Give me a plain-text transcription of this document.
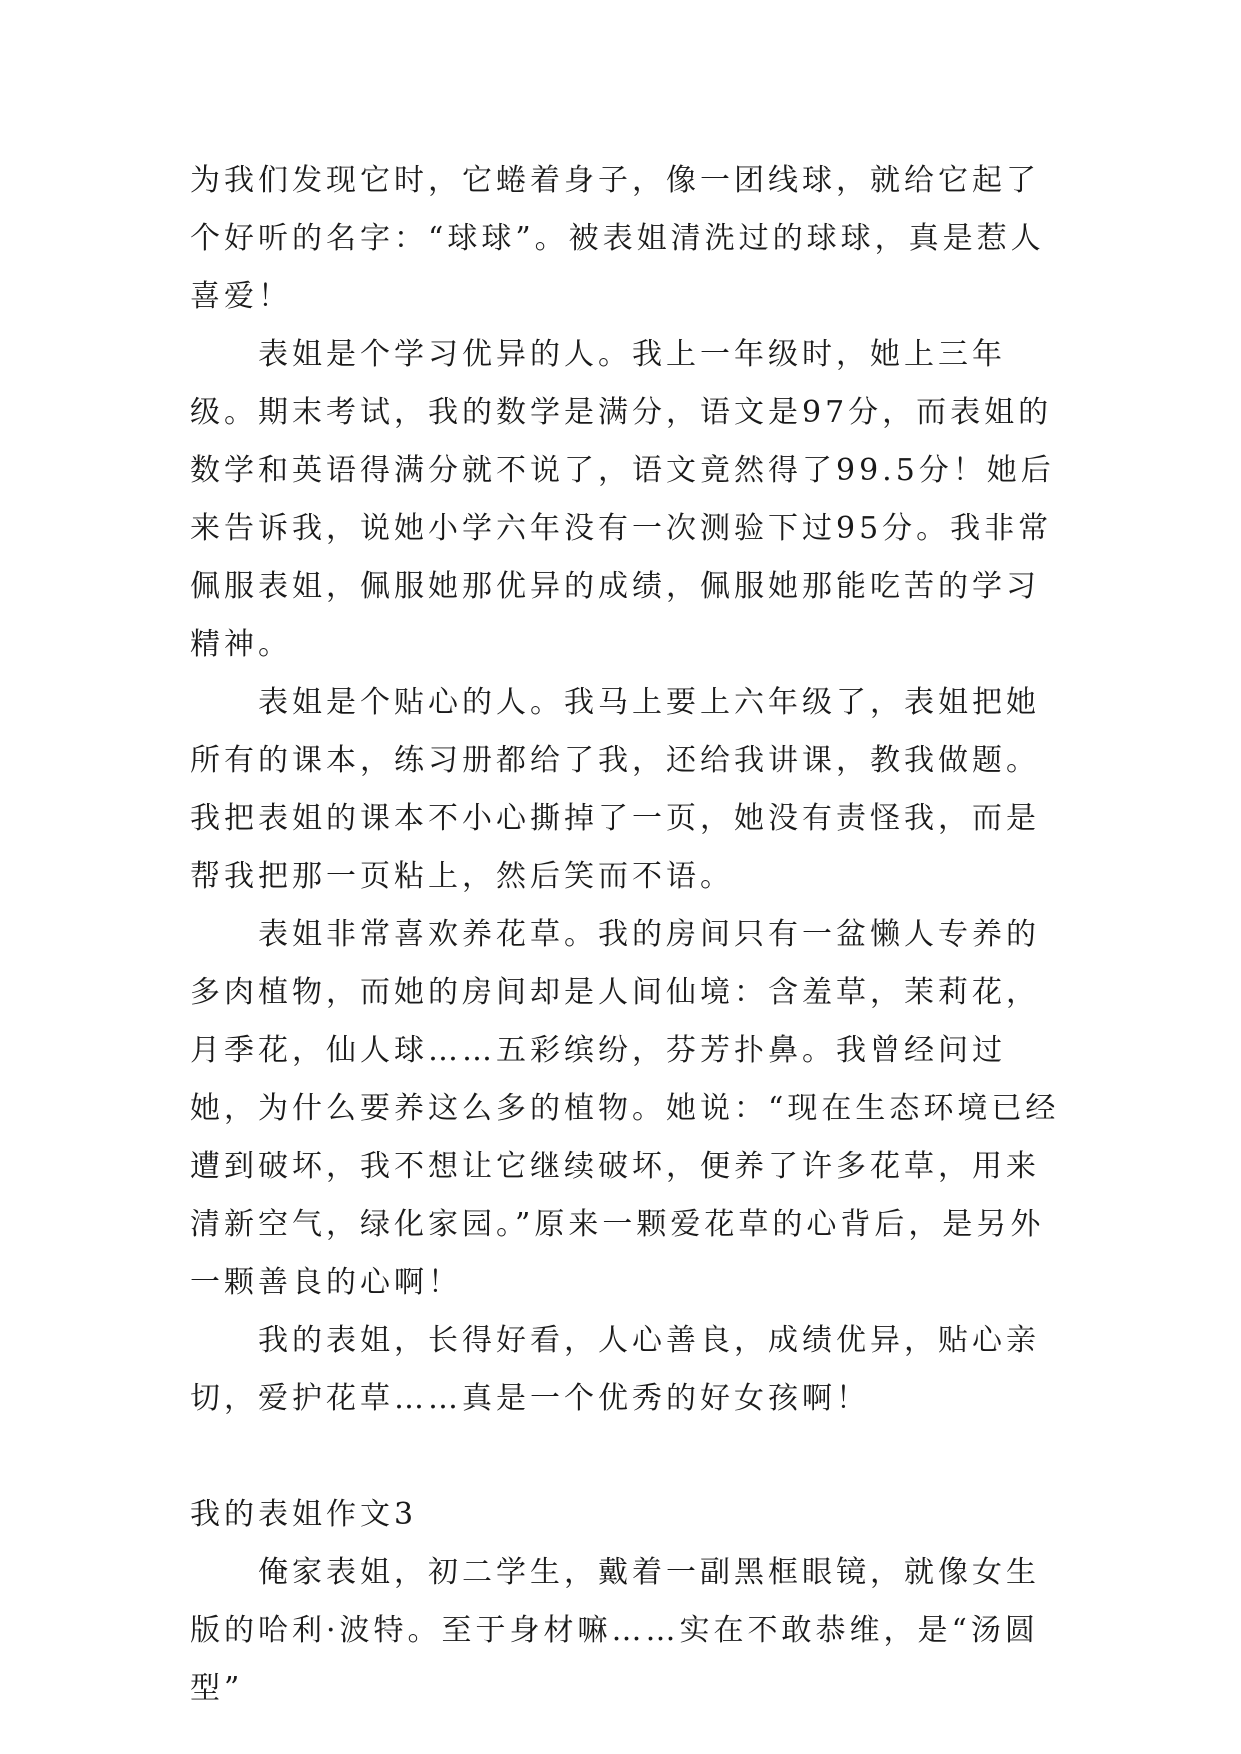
为我们发现它时，它蜷着身子，像一团线球，就给它起了个好听的名字：“球球”。被表姐清洗过的球球，真是惹人喜爱！

表姐是个学习优异的人。我上一年级时，她上三年级。期末考试，我的数学是满分，语文是97分，而表姐的数学和英语得满分就不说了，语文竟然得了99.5分！她后来告诉我，说她小学六年没有一次测验下过95分。我非常佩服表姐，佩服她那优异的成绩，佩服她那能吃苦的学习精神。

表姐是个贴心的人。我马上要上六年级了，表姐把她所有的课本，练习册都给了我，还给我讲课，教我做题。我把表姐的课本不小心撕掉了一页，她没有责怪我，而是帮我把那一页粘上，然后笑而不语。

表姐非常喜欢养花草。我的房间只有一盆懒人专养的多肉植物，而她的房间却是人间仙境：含羞草，茉莉花，月季花，仙人球……五彩缤纷，芬芳扑鼻。我曾经问过她，为什么要养这么多的植物。她说：“现在生态环境已经遭到破坏，我不想让它继续破坏，便养了许多花草，用来清新空气，绿化家园。”原来一颗爱花草的心背后，是另外一颗善良的心啊！

我的表姐，长得好看，人心善良，成绩优异，贴心亲切，爱护花草……真是一个优秀的好女孩啊！

我的表姐作文3

俺家表姐，初二学生，戴着一副黑框眼镜，就像女生版的哈利·波特。至于身材嘛……实在不敢恭维，是“汤圆型”
